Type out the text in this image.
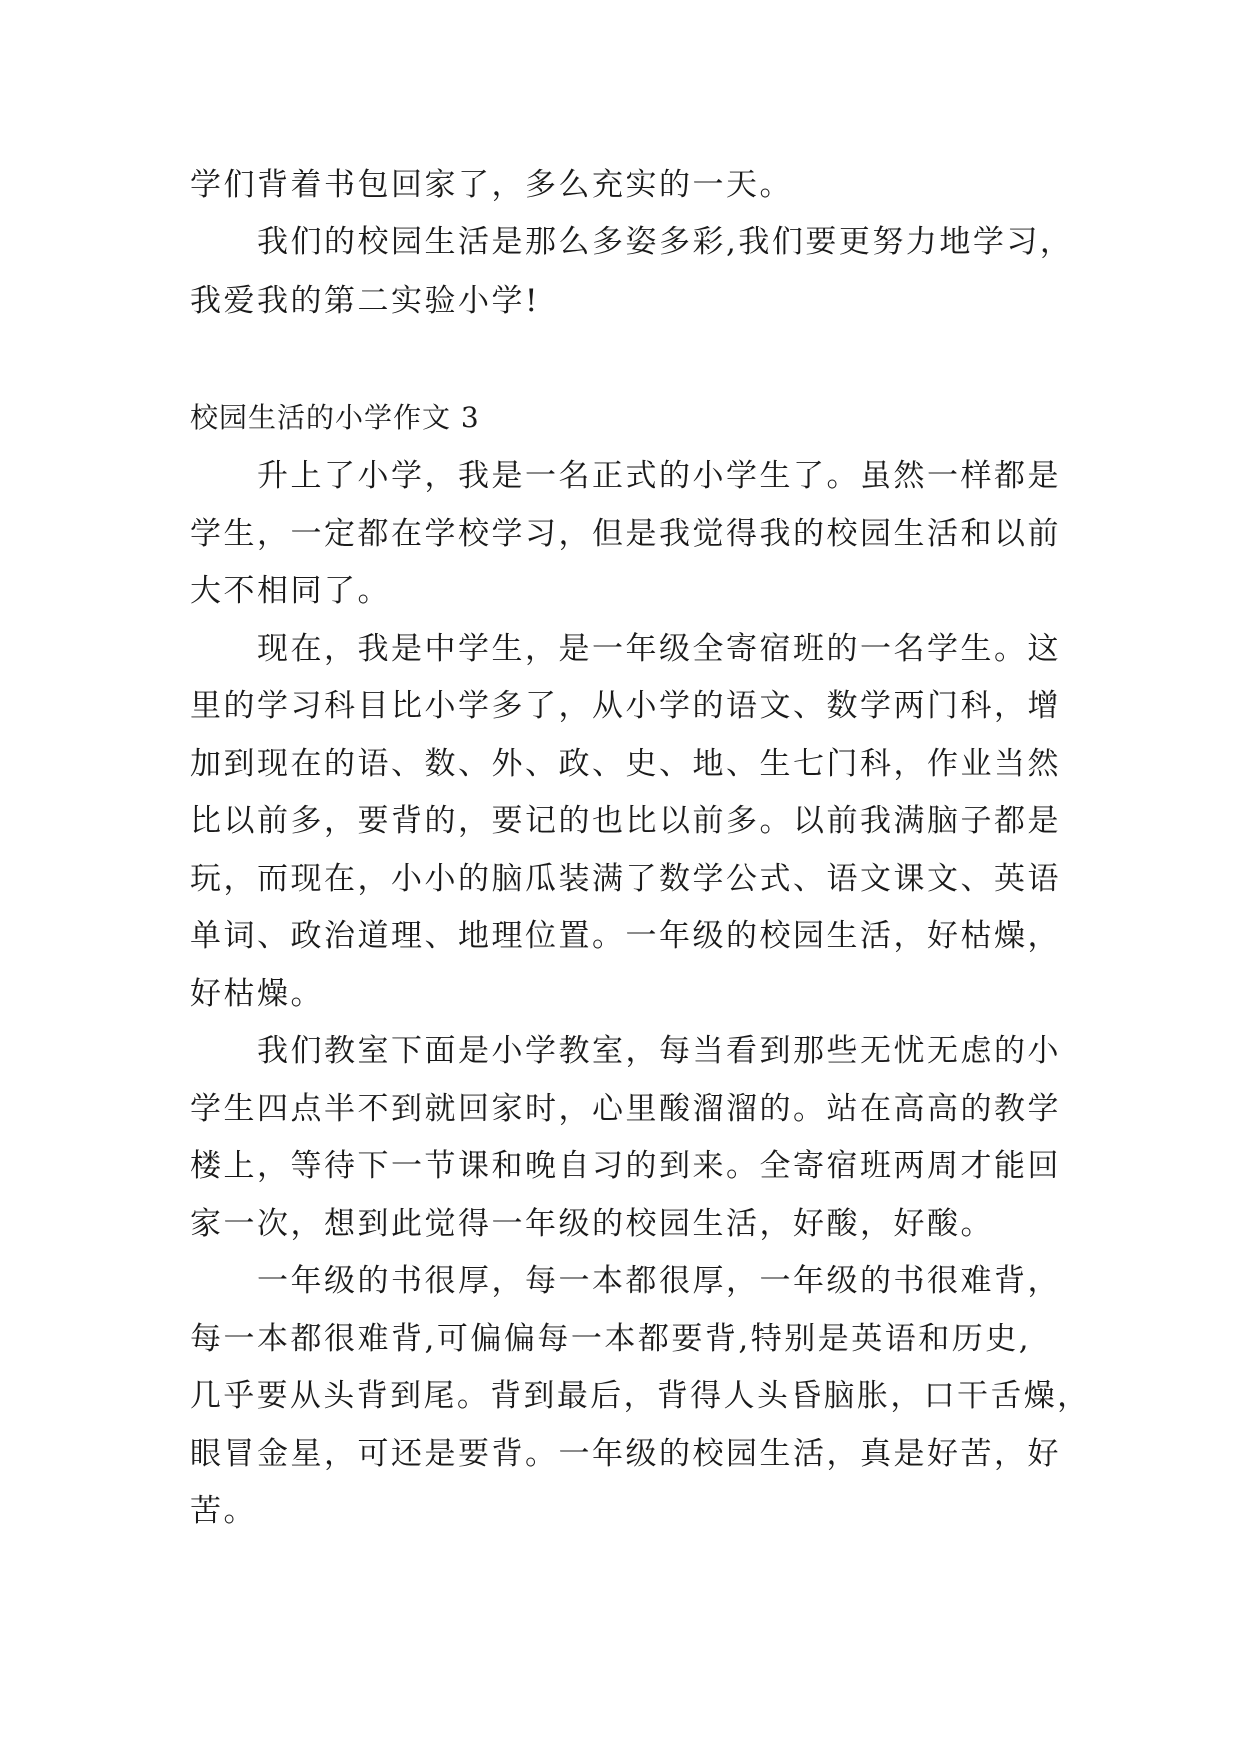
学们背着书包回家了，多么充实的一天。
　　我们的校园生活是那么多姿多彩,我们要更努力地学习，
我爱我的第二实验小学!
校园生活的小学作文 3
　　升上了小学，我是一名正式的小学生了。虽然一样都是
学生，一定都在学校学习，但是我觉得我的校园生活和以前
大不相同了。
　　现在，我是中学生，是一年级全寄宿班的一名学生。这
里的学习科目比小学多了，从小学的语文、数学两门科，增
加到现在的语、数、外、政、史、地、生七门科，作业当然
比以前多，要背的，要记的也比以前多。以前我满脑子都是
玩，而现在，小小的脑瓜装满了数学公式、语文课文、英语
单词、政治道理、地理位置。一年级的校园生活，好枯燥，
好枯燥。
　　我们教室下面是小学教室，每当看到那些无忧无虑的小
学生四点半不到就回家时，心里酸溜溜的。站在高高的教学
楼上，等待下一节课和晚自习的到来。全寄宿班两周才能回
家一次，想到此觉得一年级的校园生活，好酸，好酸。
　　一年级的书很厚，每一本都很厚，一年级的书很难背，
每一本都很难背,可偏偏每一本都要背,特别是英语和历史,
几乎要从头背到尾。背到最后，背得人头昏脑胀，口干舌燥，
眼冒金星，可还是要背。一年级的校园生活，真是好苦，好
苦。
